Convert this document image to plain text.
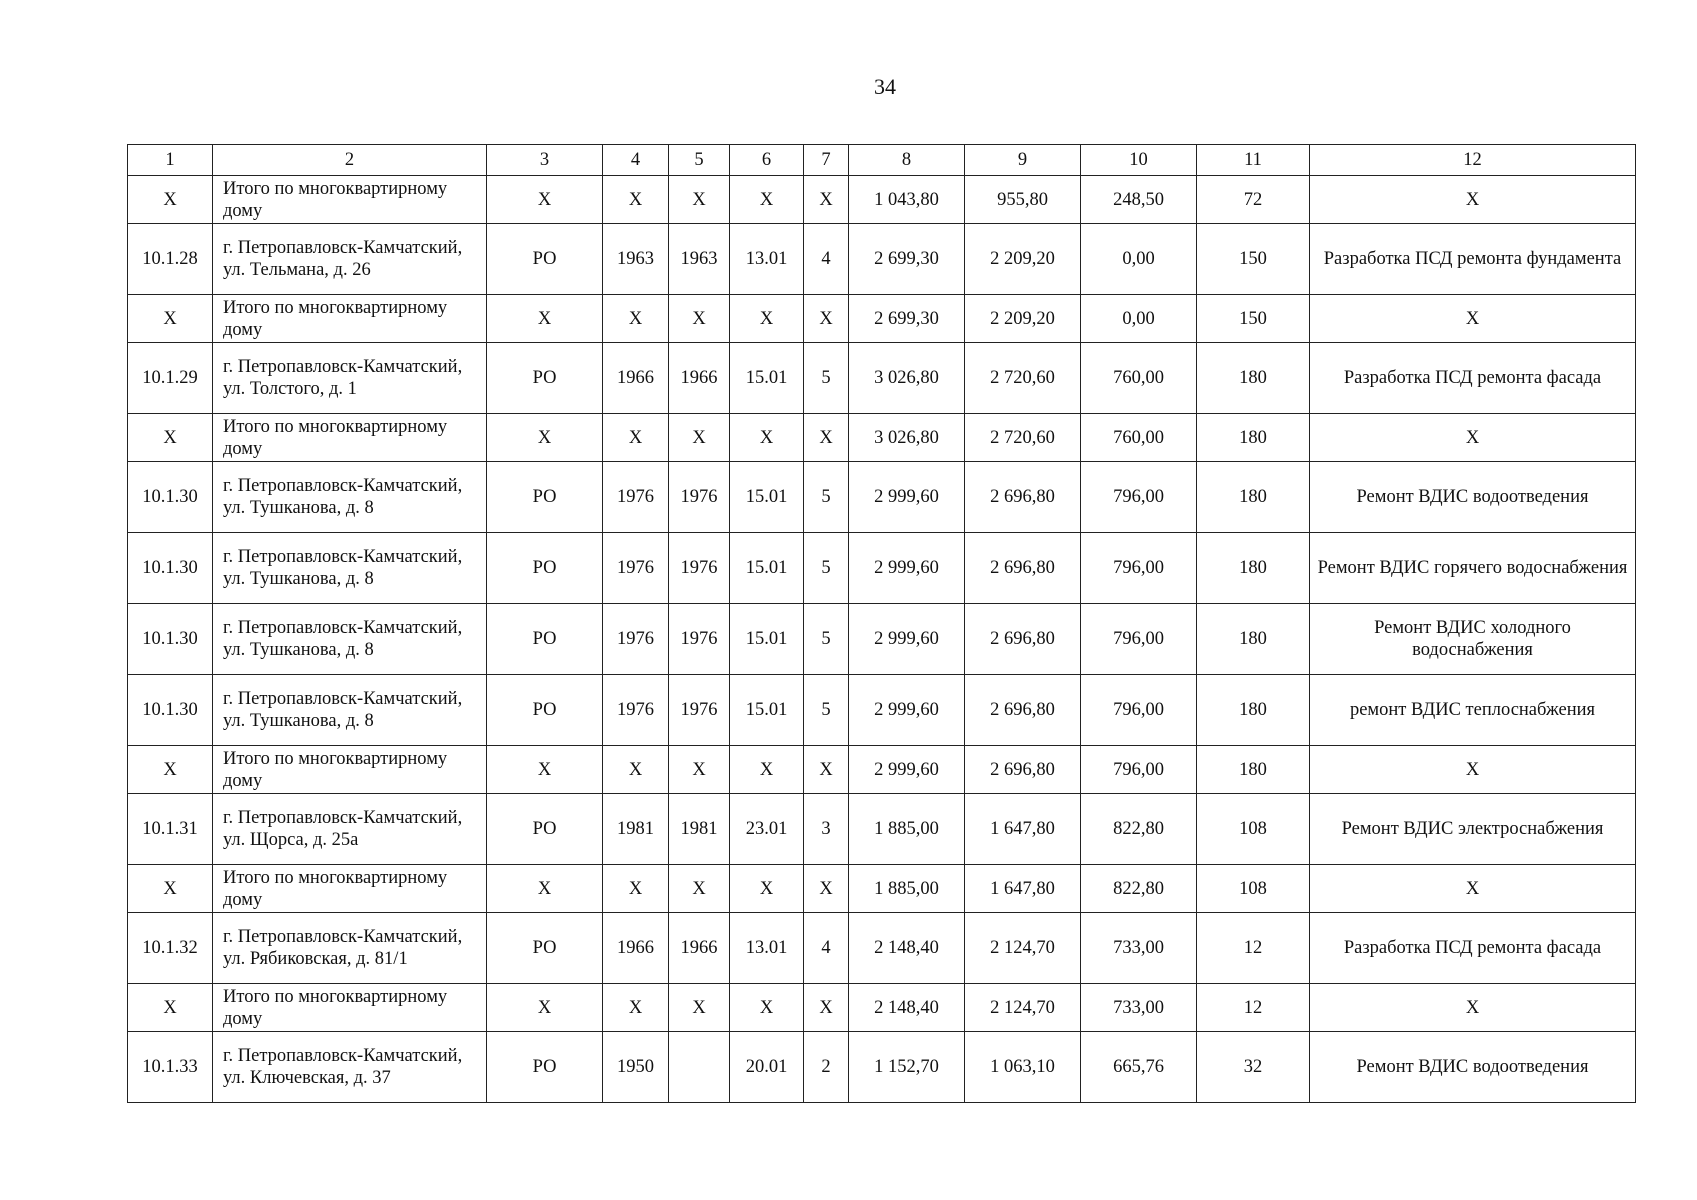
34
1	2	3	4	5	6	7	8	9	10	11	12
X	Итого по многоквартирному дому	X	X	X	X	X	1 043,80	955,80	248,50	72	X
10.1.28	г. Петропавловск-Камчатский, ул. Тельмана, д. 26	РО	1963	1963	13.01	4	2 699,30	2 209,20	0,00	150	Разработка ПСД ремонта фундамента
X	Итого по многоквартирному дому	X	X	X	X	X	2 699,30	2 209,20	0,00	150	X
10.1.29	г. Петропавловск-Камчатский, ул. Толстого, д. 1	РО	1966	1966	15.01	5	3 026,80	2 720,60	760,00	180	Разработка ПСД ремонта фасада
X	Итого по многоквартирному дому	X	X	X	X	X	3 026,80	2 720,60	760,00	180	X
10.1.30	г. Петропавловск-Камчатский, ул. Тушканова, д. 8	РО	1976	1976	15.01	5	2 999,60	2 696,80	796,00	180	Ремонт ВДИС водоотведения
10.1.30	г. Петропавловск-Камчатский, ул. Тушканова, д. 8	РО	1976	1976	15.01	5	2 999,60	2 696,80	796,00	180	Ремонт ВДИС горячего водоснабжения
10.1.30	г. Петропавловск-Камчатский, ул. Тушканова, д. 8	РО	1976	1976	15.01	5	2 999,60	2 696,80	796,00	180	Ремонт ВДИС холодного водоснабжения
10.1.30	г. Петропавловск-Камчатский, ул. Тушканова, д. 8	РО	1976	1976	15.01	5	2 999,60	2 696,80	796,00	180	ремонт ВДИС теплоснабжения
X	Итого по многоквартирному дому	X	X	X	X	X	2 999,60	2 696,80	796,00	180	X
10.1.31	г. Петропавловск-Камчатский, ул. Щорса, д. 25а	РО	1981	1981	23.01	3	1 885,00	1 647,80	822,80	108	Ремонт ВДИС электроснабжения
X	Итого по многоквартирному дому	X	X	X	X	X	1 885,00	1 647,80	822,80	108	X
10.1.32	г. Петропавловск-Камчатский, ул. Рябиковская, д. 81/1	РО	1966	1966	13.01	4	2 148,40	2 124,70	733,00	12	Разработка ПСД ремонта фасада
X	Итого по многоквартирному дому	X	X	X	X	X	2 148,40	2 124,70	733,00	12	X
10.1.33	г. Петропавловск-Камчатский, ул. Ключевская, д. 37	РО	1950		20.01	2	1 152,70	1 063,10	665,76	32	Ремонт ВДИС водоотведения
